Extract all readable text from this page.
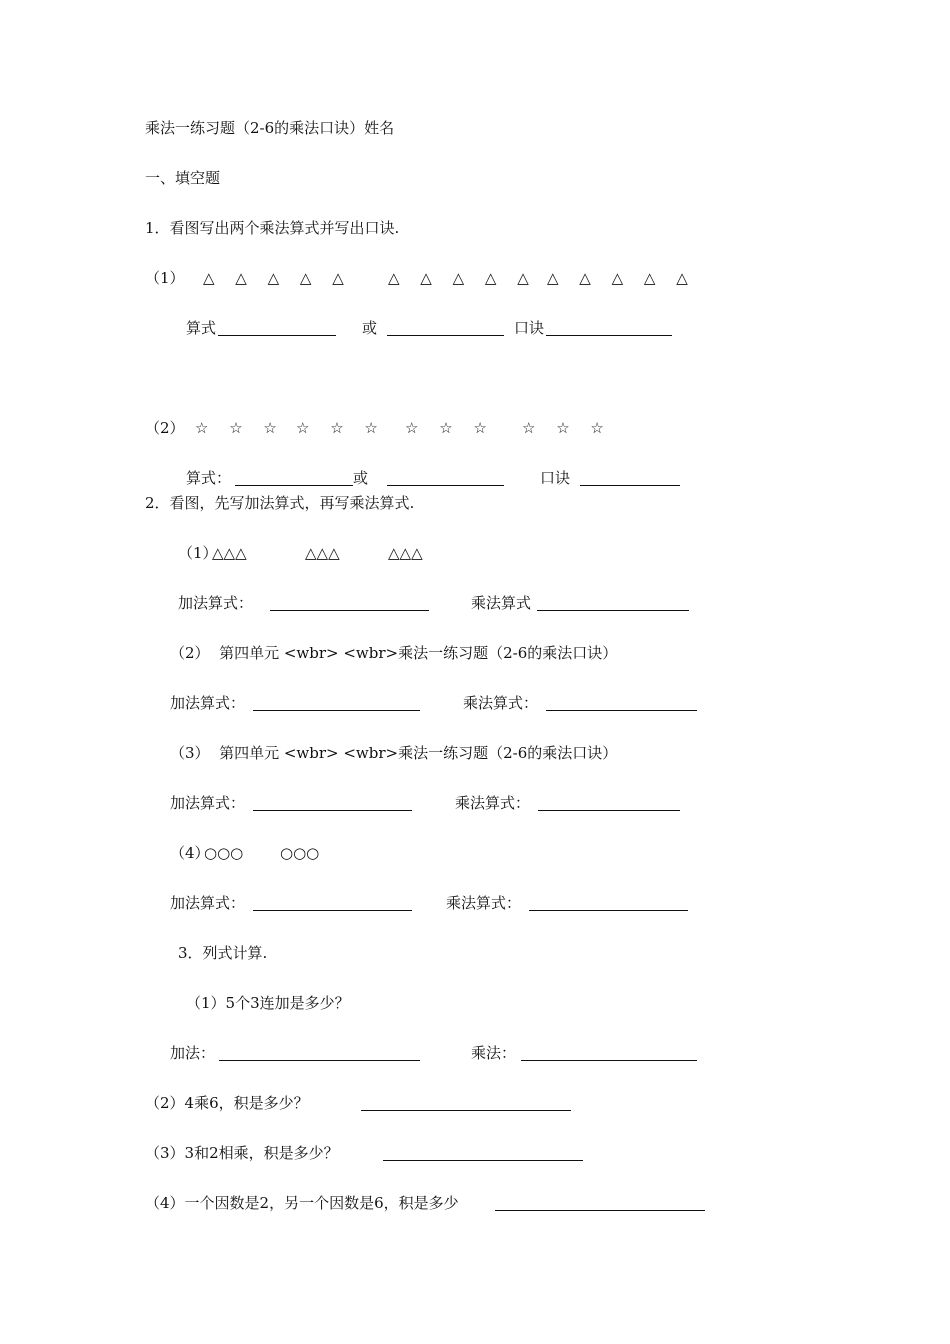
乘法一练习题（2-6的乘法口诀）姓名
一、填空题
1．看图写出两个乘法算式并写出口诀.
（1） △ △ △ △ △ △ △ △ △ △ △ △ △ △ △
算式	或	口诀
（2） ☆ ☆ ☆ ☆ ☆ ☆ ☆ ☆ ☆ ☆ ☆ ☆
算式：	或	口诀
2．看图，先写加法算式，再写乘法算式.
（1）
△△△	△△△	△△△
加法算式：	乘法算式
（2）  第四单元 <wbr> <wbr>乘法一练习题（2-6的乘法口诀）
加法算式：	乘法算式：
（3）  第四单元 <wbr> <wbr>乘法一练习题（2-6的乘法口诀）
加法算式：	乘法算式：
（4）
○○○ ○○○
加法算式：	乘法算式：
3．列式计算.
（1）5个3连加是多少？
加法：	乘法：
（2）4乘6，积是多少？
（3）3和2相乘，积是多少？
（4）一个因数是2，另一个因数是6，积是多少
